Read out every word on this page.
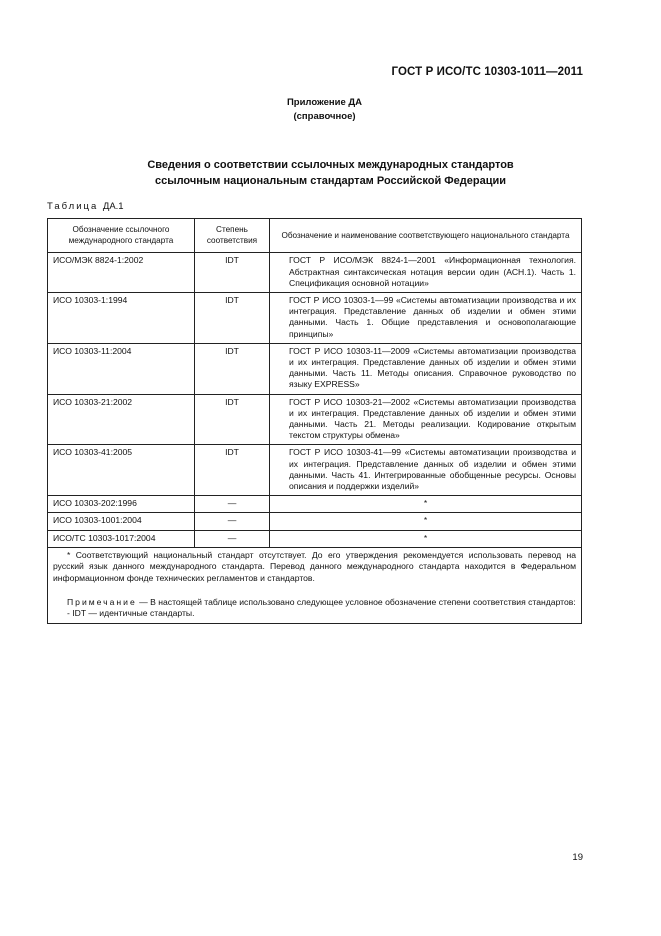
ГОСТ Р ИСО/ТС 10303-1011—2011
Приложение ДА
(справочное)
Сведения о соответствии ссылочных международных стандартов
ссылочным национальным стандартам Российской Федерации
Таблица ДА.1
Обозначение ссылочного международного стандарта	Степень соответствия	Обозначение и наименование соответствующего национального стандарта
ИСО/МЭК 8824-1:2002	IDT	ГОСТ Р ИСО/МЭК 8824-1—2001 «Информационная технология. Абстрактная синтаксическая нотация версии один (АСН.1). Часть 1. Спецификация основной нотации»

ИСО 10303-1:1994	IDT	ГОСТ Р ИСО 10303-1—99 «Системы автоматизации производства и их интеграция. Представление данных об изделии и обмен этими данными. Часть 1. Общие представления и основополагающие принципы»

ИСО 10303-11:2004	IDT	ГОСТ Р ИСО 10303-11—2009 «Системы автоматизации производства и их интеграция. Представление данных об изделии и обмен этими данными. Часть 11. Методы описания. Справочное руководство по языку EXPRESS»

ИСО 10303-21:2002	IDT	ГОСТ Р ИСО 10303-21—2002 «Системы автоматизации производства и их интеграция. Представление данных об изделии и обмен этими данными. Часть 21. Методы реализации. Кодирование открытым текстом структуры обмена»

ИСО 10303-41:2005	IDT	ГОСТ Р ИСО 10303-41—99 «Системы автоматизации производства и их интеграция. Представление данных об изделии и обмен этими данными. Часть 41. Интегрированные обобщенные ресурсы. Основы описания и поддержки изделий»

ИСО 10303-202:1996	—	*
ИСО 10303-1001:2004	—	*
ИСО/ТС 10303-1017:2004	—	*

* Соответствующий национальный стандарт отсутствует. До его утверждения рекомендуется использовать перевод на русский язык данного международного стандарта. Перевод данного международного стандарта находится в Федеральном информационном фонде технических регламентов и стандартов.

Примечание — В настоящей таблице использовано следующее условное обозначение степени соответствия стандартов:

- IDT — идентичные стандарты.		

19
